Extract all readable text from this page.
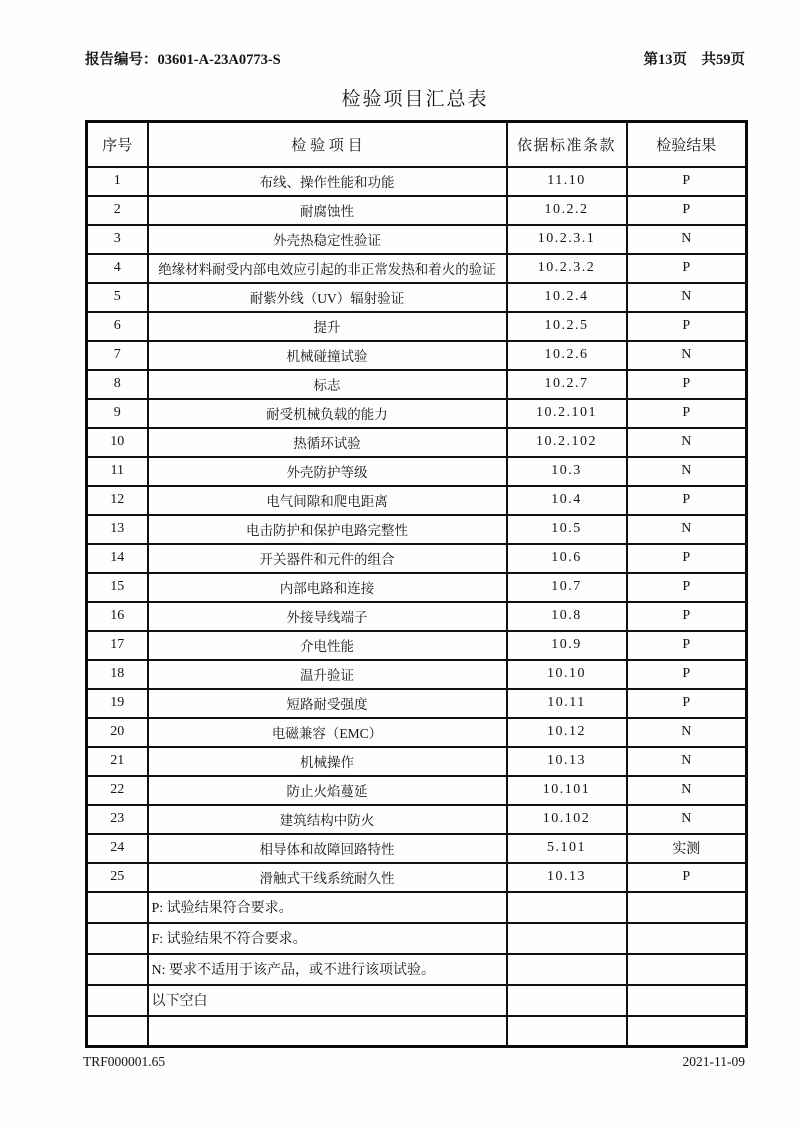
报告编号：03601-A-23A0773-S	第13页　共59页
检验项目汇总表
序号	检 验 项 目	依据标准条款	检验结果
1	布线、操作性能和功能	11.10	P
2	耐腐蚀性	10.2.2	P
3	外壳热稳定性验证	10.2.3.1	N
4	绝缘材料耐受内部电效应引起的非正常发热和着火的验证	10.2.3.2	P
5	耐紫外线（UV）辐射验证	10.2.4	N
6	提升	10.2.5	P
7	机械碰撞试验	10.2.6	N
8	标志	10.2.7	P
9	耐受机械负载的能力	10.2.101	P
10	热循环试验	10.2.102	N
11	外壳防护等级	10.3	N
12	电气间隙和爬电距离	10.4	P
13	电击防护和保护电路完整性	10.5	N
14	开关器件和元件的组合	10.6	P
15	内部电路和连接	10.7	P
16	外接导线端子	10.8	P
17	介电性能	10.9	P
18	温升验证	10.10	P
19	短路耐受强度	10.11	P
20	电磁兼容（EMC）	10.12	N
21	机械操作	10.13	N
22	防止火焰蔓延	10.101	N
23	建筑结构中防火	10.102	N
24	相导体和故障回路特性	5.101	实测
25	滑触式干线系统耐久性	10.13	P
	P: 试验结果符合要求。		
	F: 试验结果不符合要求。		
	N: 要求不适用于该产品，或不进行该项试验。		
	以下空白		

TRF000001.65	2021-11-09
